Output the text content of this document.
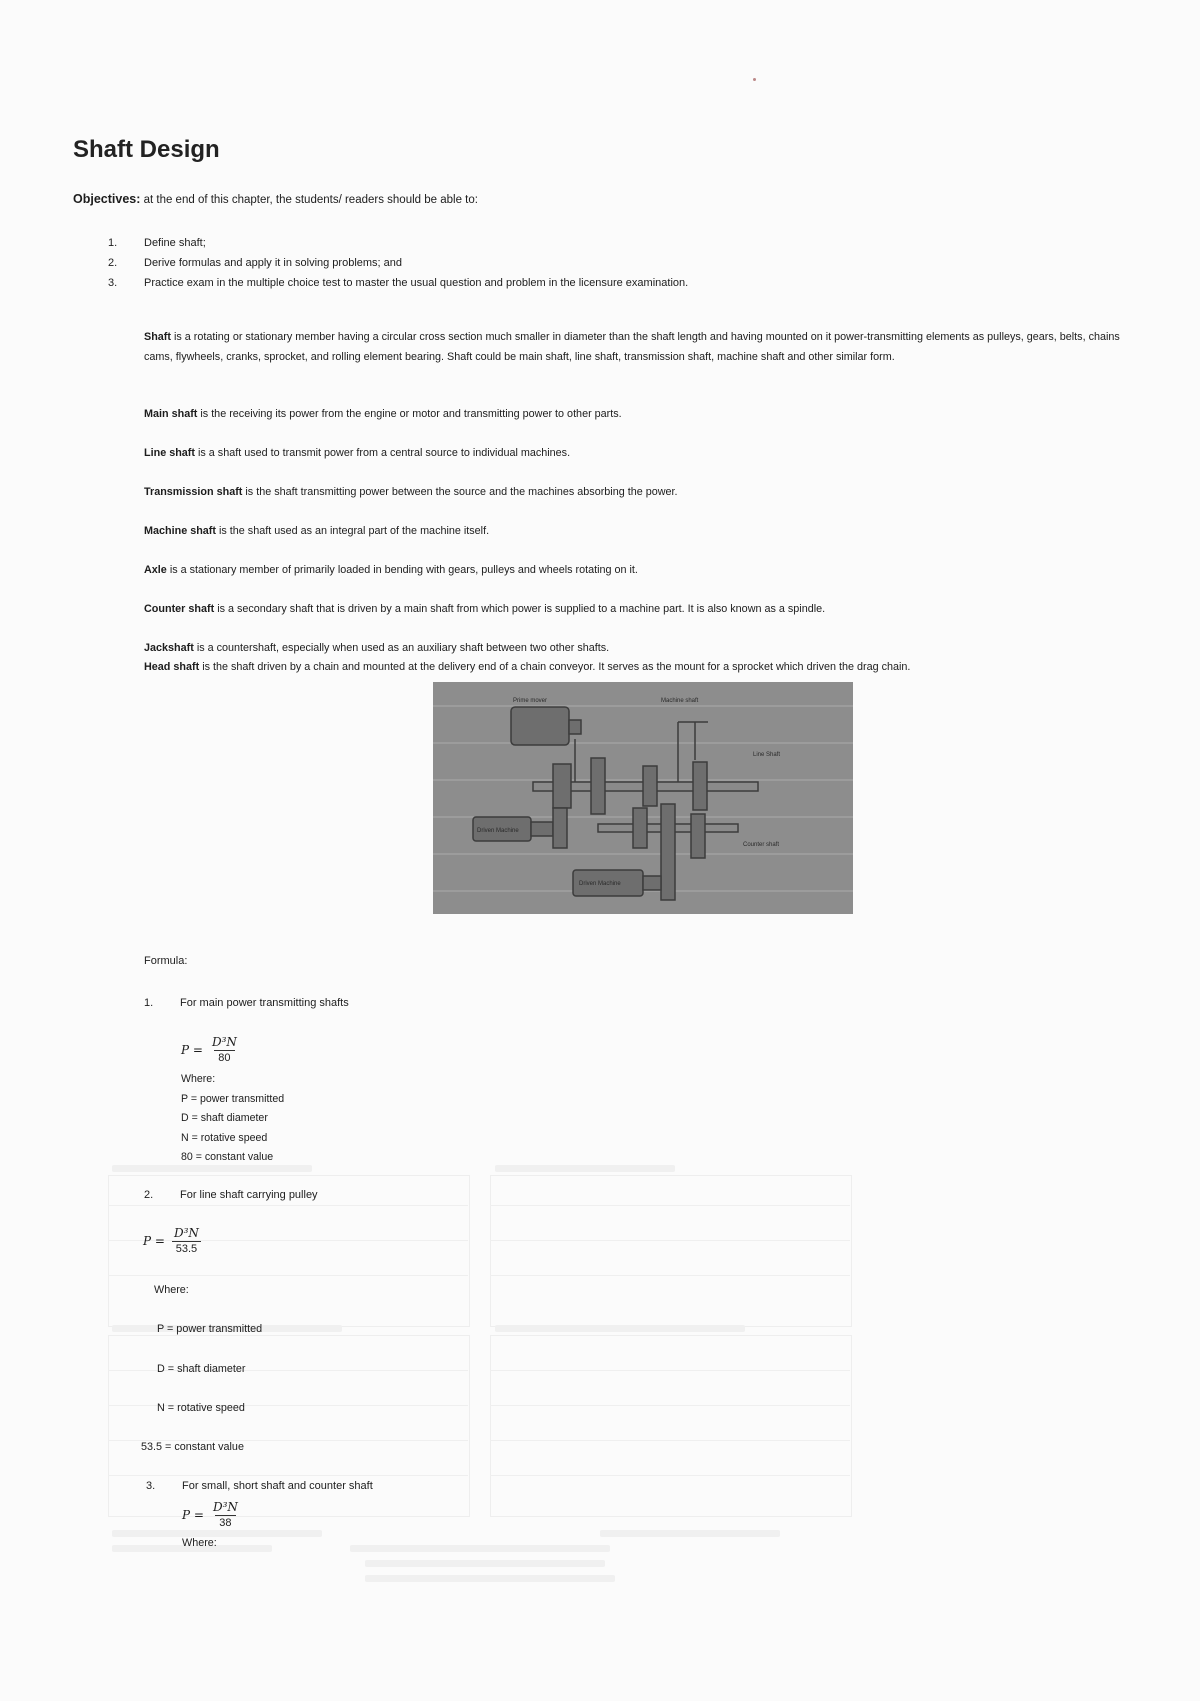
Shaft Design
Objectives: at the end of this chapter, the students/ readers should be able to:
1.	Define shaft;
2.	Derive formulas and apply it in solving problems; and
3.	Practice exam in the multiple choice test to master the usual question and problem in the licensure examination.
Shaft is a rotating or stationary member having a circular cross section much smaller in diameter than the shaft length and having mounted on it power-transmitting elements as pulleys, gears, belts, chains cams, flywheels, cranks, sprocket, and rolling element bearing. Shaft could be main shaft, line shaft, transmission shaft, machine shaft and other similar form.
Main shaft is the receiving its power from the engine or motor and transmitting power to other parts.
Line shaft is a shaft used to transmit power from a central source to individual machines.
Transmission shaft is the shaft transmitting power between the source and the machines absorbing the power.
Machine shaft is the shaft used as an integral part of the machine itself.
Axle is a stationary member of primarily loaded in bending with gears, pulleys and wheels rotating on it.
Counter shaft is a secondary shaft that is driven by a main shaft from which power is supplied to a machine part. It is also known as a spindle.
Jackshaft is a countershaft, especially when used as an auxiliary shaft between two other shafts.
Head shaft is the shaft driven by a chain and mounted at the delivery end of a chain conveyor. It serves as the mount for a sprocket which driven the drag chain.
Prime mover	Machine shaft
Line Shaft
Driven Machine
Driven Machine
Counter shaft
Formula:
1.	For main power transmitting shafts
$P = \frac{\text{D³N}}{80}$
Where:
P = power transmitted
D = shaft diameter
N = rotative speed
80 = constant value
2.	For line shaft carrying pulley
$P = \frac{\text{D³N}}{53.5}$
Where:
P = power transmitted
D = shaft diameter
N = rotative speed
53.5 = constant value
3.	For small, short shaft and counter shaft
$P = \frac{\text{D³N}}{38}$
Where:
